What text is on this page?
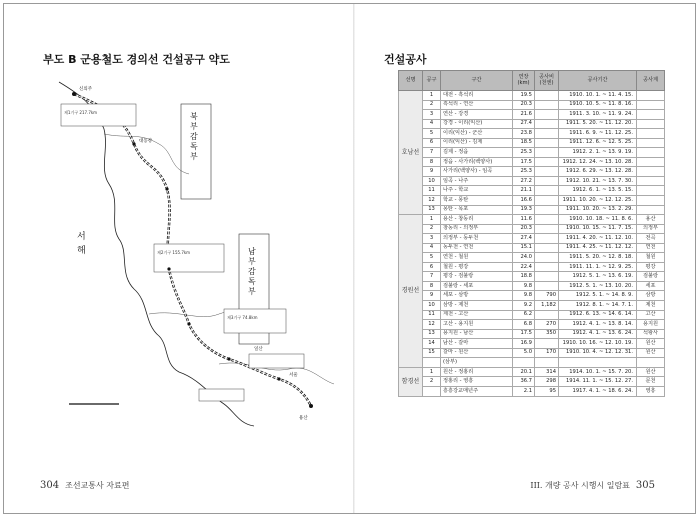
부도 B 군용철도 경의선 건설공구 약도
서 해
북 부 감 독 부
남 부 감 독 부
제1기구 217.7km
제2기구 155.7km
제3기구 74.8km
신의주
대동강
일산
서울
용산
304 조선교통사 자료편
건설공사
선명	공구	구간	연장
(km)	공사비
(천엔)	공사기간	공사계
호남선	1	대전 - 흑석리	19.5		1910. 10. 1. ~ 11. 4. 15.	
	2	흑석리 - 연산	20.3		1910. 10. 5. ~ 11. 8. 16.	
	3	연산 - 강경	21.6		1911. 3. 10. ~ 11. 9. 24.	
	4	강경 - 이리(익산)	27.4		1911. 5. 20. ~ 11. 12. 20.	
	5	이리(익산) - 군산	23.8		1911. 6. 9. ~ 11. 12. 25.	
	6	이리(익산) - 김제	18.5		1911. 12. 6. ~ 12. 5. 25.	
	7	김제 - 정읍	25.3		1912. 2. 1. ~ 13. 9. 19.	
	8	정읍 - 사가리(백양사)	17.5		1912. 12. 24. ~ 13. 10. 28.	
	9	사가리(백양사) - 임곡	25.3		1912. 6. 29. ~ 13. 12. 28.	
	10	임곡 - 나주	27.2		1912. 10. 21. ~ 13. 7. 30.	
	11	나주 - 학교	21.1		1912. 6. 1. ~ 13. 5. 15.	
	12	학교 - 몽탄	16.6		1911. 10. 20. ~ 12. 12. 25.	
	13	몽탄 - 목포	19.3		1911. 10. 20. ~ 13. 2. 29.	
경원선	1	용산 - 창동리	11.6		1910. 10. 18. ~ 11. 8. 6.	용산
	2	창동리 - 의정부	20.3		1910. 10. 15. ~ 11. 7. 15.	의정부
	3	의정부 - 동두천	27.4		1911. 4. 20. ~ 11. 12. 10.	전곡
	4	동두천 - 연천	15.1		1911. 4. 25. ~ 11. 12. 12.	연천
	5	연천 - 철원	24.0		1911. 5. 20. ~ 12. 8. 18.	철원
	6	철원 - 평강	22.4		1911. 11. 1. ~ 12. 9. 25.	평강
	7	평강 - 검불랑	18.8		1912. 5. 1. ~ 13. 6. 19.	검불랑
	8	검불랑 - 세포	9.8		1912. 5. 1. ~ 13. 10. 20.	세포
	9	세포 - 삼방	9.8	790	1912. 5. 1. ~ 14. 8. 9.	삼방
	10	삼방 - 제천	9.2	1,182	1912. 8. 1. ~ 14. 7. 1.	제천
	11	제천 - 고산	6.2		1912. 6. 13. ~ 14. 6. 14.	고산
	12	고산 - 용지원	6.8	270	1912. 4. 1. ~ 13. 8. 14.	용지원
	13	용지원 - 남산	17.5	350	1912. 4. 1. ~ 13. 6. 24.	석왕사
	14	남산 - 갈마	16.9		1910. 10. 16. ~ 12. 10. 19.	원산
	15	갈마 - 원산	5.0	170	1910. 10. 4. ~ 12. 12. 31.	원산
		(삼부)				
함경선	1	원산 - 정홍리	20.1	314	1914. 10. 1. ~ 15. 7. 20.	원산
	2	정홍리 - 영흥	36.7	298	1914. 11. 1. ~ 15. 12. 27.	문천
		흥흥강교매년주	2.1	95	1917. 4. 1. ~ 18. 6. 24.	영흥
III. 개량 공사 시행시 일람표 305
